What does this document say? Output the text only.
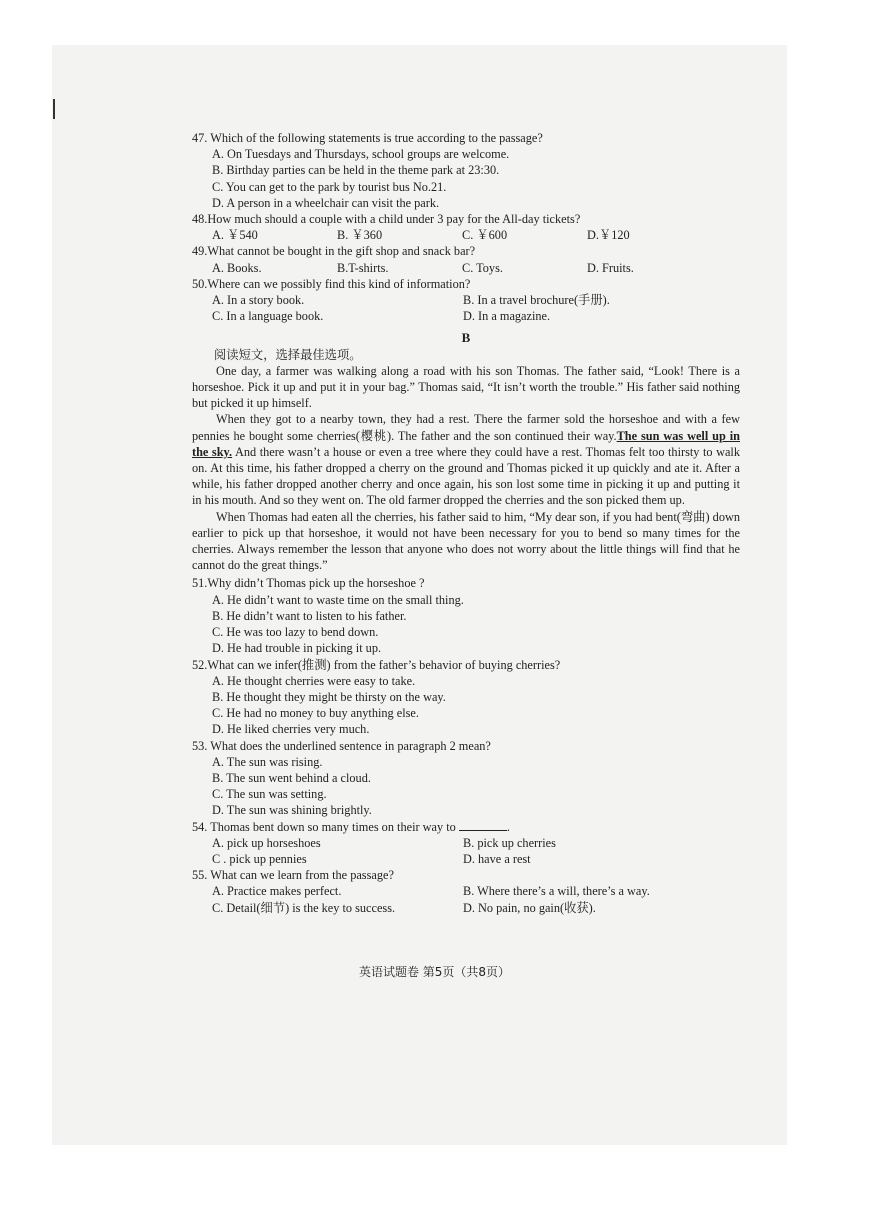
47. Which of the following statements is true according to the passage?

A. On Tuesdays and Thursdays, school groups are welcome.

B. Birthday parties can be held in the theme park at 23:30.

C. You can get to the park by tourist bus No.21.

D. A person in a wheelchair can visit the park.

48.How much should a couple with a child under 3 pay for the All-day tickets?

A. ￥540	B. ￥360	C. ￥600	D.￥120

49.What cannot be bought in the gift shop and snack bar?

A. Books.	B.T-shirts.	C. Toys.	D. Fruits.

50.Where can we possibly find this kind of information?

A. In a story book.	B. In a travel brochure(手册).
C. In a language book.	D. In a magazine.

B

阅读短文，选择最佳选项。

One day, a farmer was walking along a road with his son Thomas. The father said, “Look! There is a horseshoe. Pick it up and put it in your bag.” Thomas said, “It isn’t worth the trouble.” His father said nothing but picked it up himself.

When they got to a nearby town, they had a rest. There the farmer sold the horseshoe and with a few pennies he bought some cherries(樱桃). The father and the son continued their way.The sun was well up in the sky. And there wasn’t a house or even a tree where they could have a rest. Thomas felt too thirsty to walk on. At this time, his father dropped a cherry on the ground and Thomas picked it up quickly and ate it. After a while, his father dropped another cherry and once again, his son lost some time in picking it up and putting it in his mouth. And so they went on. The old farmer dropped the cherries and the son picked them up.

When Thomas had eaten all the cherries, his father said to him, “My dear son, if you had bent(弯曲) down earlier to pick up that horseshoe, it would not have been necessary for you to bend so many times for the cherries. Always remember the lesson that anyone who does not worry about the little things will find that he cannot do the great things.”

51.Why didn’t Thomas pick up the horseshoe ?

A. He didn’t want to waste time on the small thing.

B. He didn’t want to listen to his father.

C. He was too lazy to bend down.

D. He had trouble in picking it up.

52.What can we infer(推测) from the father’s behavior of buying cherries?

A. He thought cherries were easy to take.

B. He thought they might be thirsty on the way.

C. He had no money to buy anything else.

D. He liked cherries very much.

53. What does the underlined sentence in paragraph 2 mean?

A. The sun was rising.

B. The sun went behind a cloud.

C. The sun was setting.

D. The sun was shining brightly.

54. Thomas bent down so many times on their way to	.

A. pick up horseshoes	B. pick up cherries
C . pick up pennies	D. have a rest

55. What can we learn from the passage?

A. Practice makes perfect.	B. Where there’s a will, there’s a way.
C. Detail(细节) is the key to success.	D. No pain, no gain(收获).
英语试题卷 第5页（共8页）
